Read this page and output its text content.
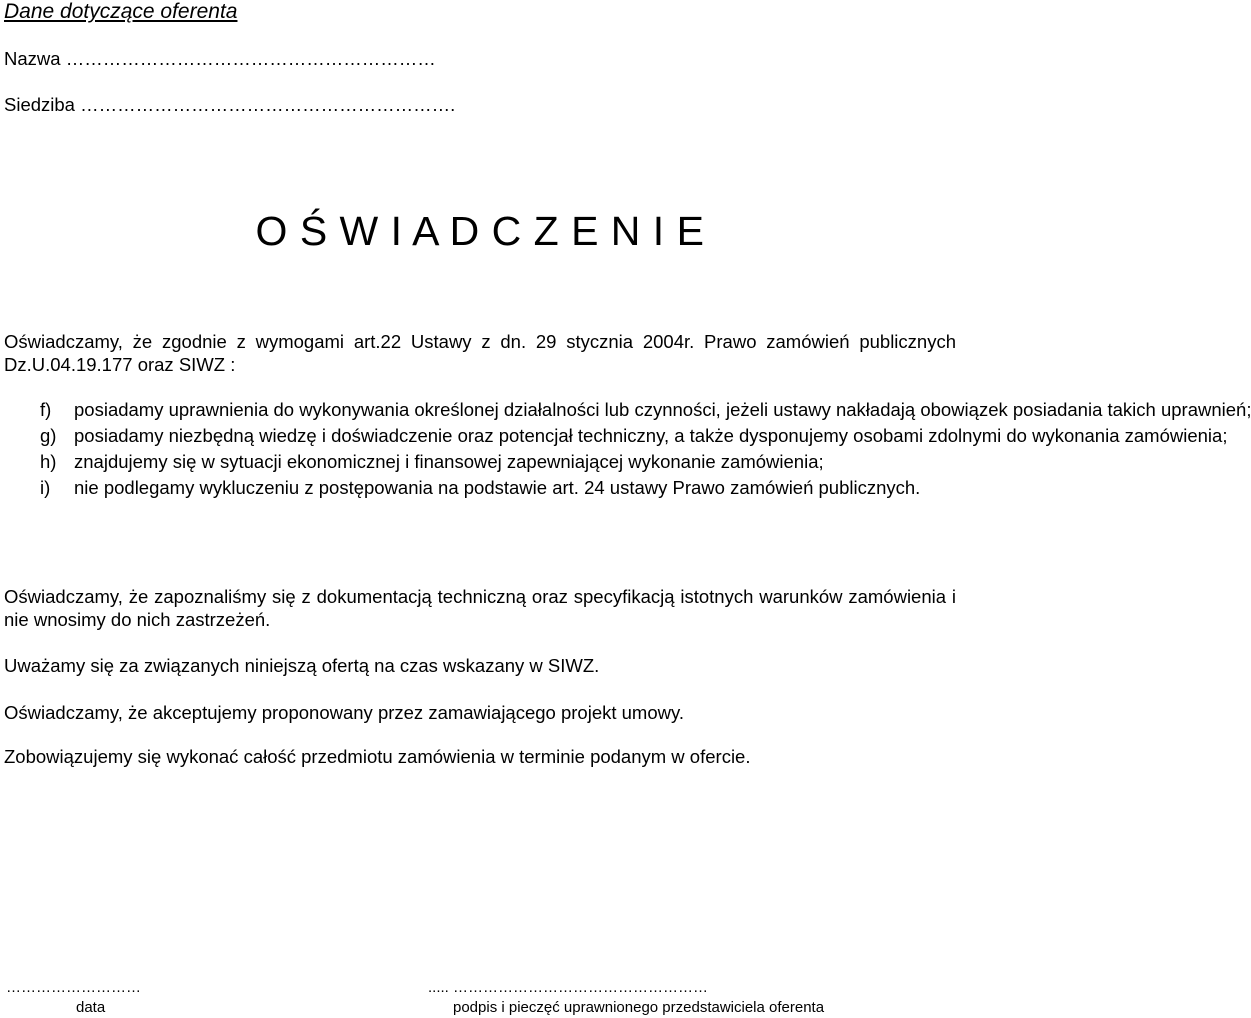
Dane dotyczące oferenta
Nazwa ……………………………………………………
Siedziba …………………………………………………….
O Ś W I A D C Z E N I E
Oświadczamy, że zgodnie z wymogami art.22 Ustawy z dn. 29 stycznia 2004r. Prawo zamówień publicznych Dz.U.04.19.177 oraz SIWZ :
f) posiadamy uprawnienia do wykonywania określonej działalności lub czynności, jeżeli ustawy nakładają obowiązek posiadania takich uprawnień;
g) posiadamy niezbędną wiedzę i doświadczenie oraz potencjał techniczny, a także dysponujemy osobami zdolnymi do wykonania zamówienia;
h) znajdujemy się w sytuacji ekonomicznej i finansowej zapewniającej wykonanie zamówienia;
i) nie podlegamy wykluczeniu z postępowania na podstawie art. 24 ustawy Prawo zamówień publicznych.
Oświadczamy, że zapoznaliśmy się z dokumentacją techniczną oraz specyfikacją istotnych warunków zamówienia i nie wnosimy do nich zastrzeżeń.
Uważamy się za związanych niniejszą ofertą na czas wskazany w SIWZ.
Oświadczamy, że akceptujemy proponowany przez zamawiającego projekt umowy.
Zobowiązujemy się wykonać całość przedmiotu zamówienia w terminie podanym w ofercie.
………………………
data
..... ……………………………………………
podpis i pieczęć uprawnionego przedstawiciela oferenta
